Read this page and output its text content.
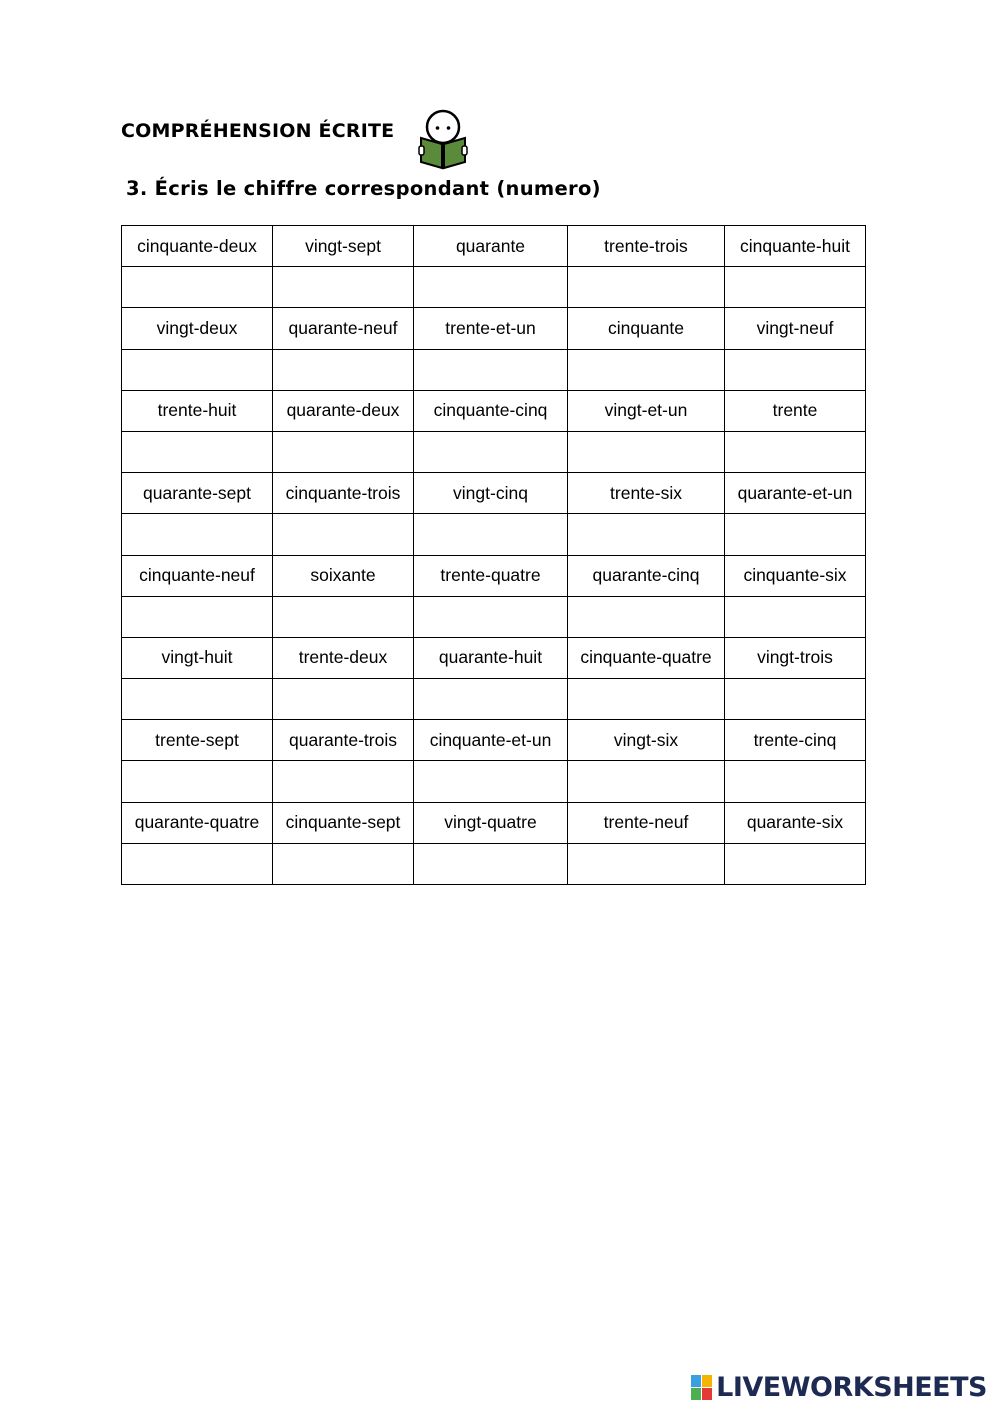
COMPRÉHENSION ÉCRITE
3. Écris le chiffre correspondant (numero)
cinquante-deux	vingt-sept	quarante	trente-trois	cinquante-huit

vingt-deux	quarante-neuf	trente-et-un	cinquante	vingt-neuf

trente-huit	quarante-deux	cinquante-cinq	vingt-et-un	trente

quarante-sept	cinquante-trois	vingt-cinq	trente-six	quarante-et-un

cinquante-neuf	soixante	trente-quatre	quarante-cinq	cinquante-six

vingt-huit	trente-deux	quarante-huit	cinquante-quatre	vingt-trois

trente-sept	quarante-trois	cinquante-et-un	vingt-six	trente-cinq

quarante-quatre	cinquante-sept	vingt-quatre	trente-neuf	quarante-six

LIVEWORKSHEETS
